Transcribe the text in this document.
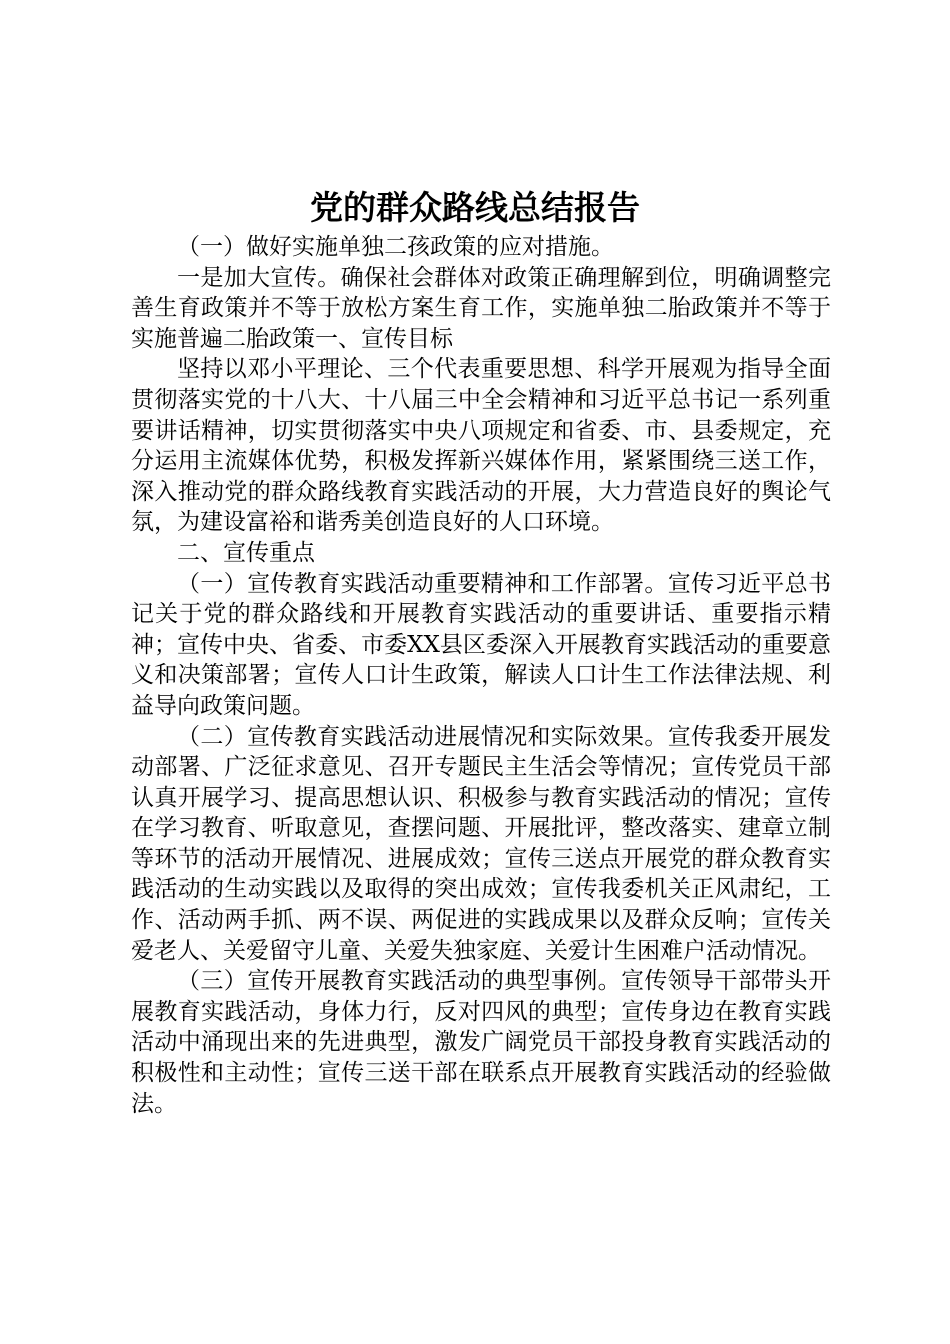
党的群众路线总结报告

（一）做好实施单独二孩政策的应对措施。

一是加大宣传。确保社会群体对政策正确理解到位，明确调整完善生育政策并不等于放松方案生育工作，实施单独二胎政策并不等于实施普遍二胎政策一、宣传目标

坚持以邓小平理论、三个代表重要思想、科学开展观为指导全面贯彻落实党的十八大、十八届三中全会精神和习近平总书记一系列重要讲话精神，切实贯彻落实中央八项规定和省委、市、县委规定，充分运用主流媒体优势，积极发挥新兴媒体作用，紧紧围绕三送工作，深入推动党的群众路线教育实践活动的开展，大力营造良好的舆论气氛，为建设富裕和谐秀美创造良好的人口环境。

二、宣传重点

（一）宣传教育实践活动重要精神和工作部署。宣传习近平总书记关于党的群众路线和开展教育实践活动的重要讲话、重要指示精神；宣传中央、省委、市委XX县区委深入开展教育实践活动的重要意义和决策部署；宣传人口计生政策，解读人口计生工作法律法规、利益导向政策问题。

（二）宣传教育实践活动进展情况和实际效果。宣传我委开展发动部署、广泛征求意见、召开专题民主生活会等情况；宣传党员干部认真开展学习、提高思想认识、积极参与教育实践活动的情况；宣传在学习教育、听取意见，查摆问题、开展批评，整改落实、建章立制等环节的活动开展情况、进展成效；宣传三送点开展党的群众教育实践活动的生动实践以及取得的突出成效；宣传我委机关正风肃纪，工作、活动两手抓、两不误、两促进的实践成果以及群众反响；宣传关爱老人、关爱留守儿童、关爱失独家庭、关爱计生困难户活动情况。

（三）宣传开展教育实践活动的典型事例。宣传领导干部带头开展教育实践活动，身体力行，反对四风的典型；宣传身边在教育实践活动中涌现出来的先进典型，激发广阔党员干部投身教育实践活动的积极性和主动性；宣传三送干部在联系点开展教育实践活动的经验做法。
